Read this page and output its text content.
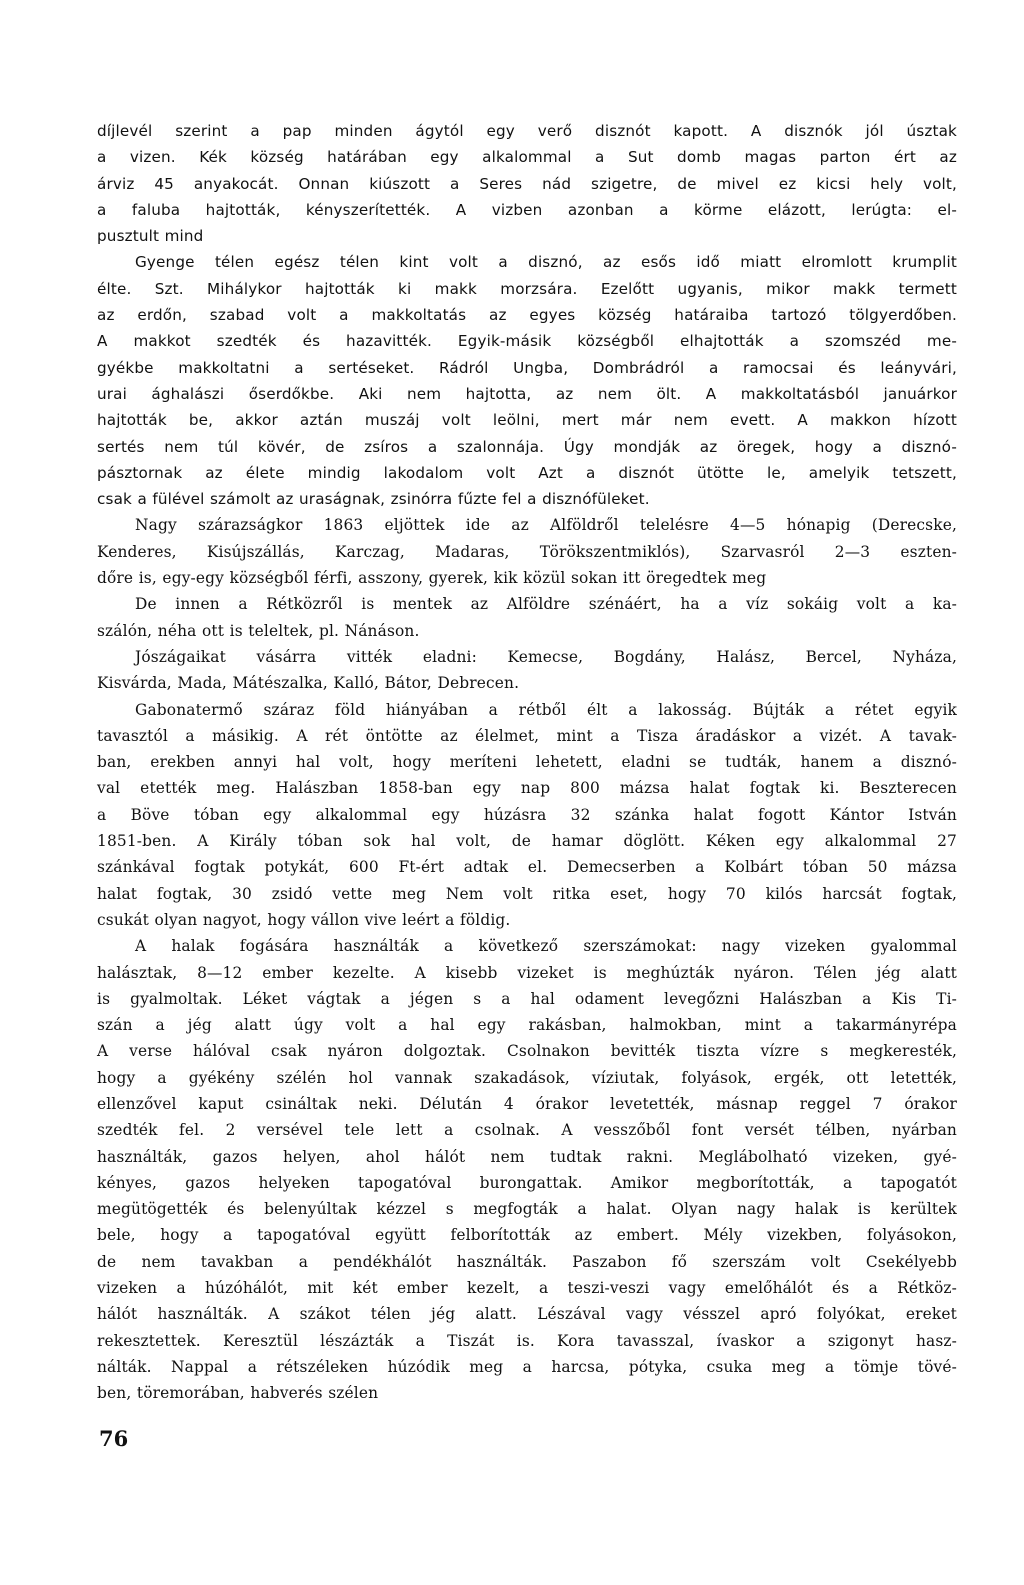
díjlevél szerint a pap minden ágytól egy verő disznót kapott. A disznók jól úsztak
a vizen. Kék község határában egy alkalommal a Sut domb magas parton ért az
árviz 45 anyakocát. Onnan kiúszott a Seres nád szigetre, de mivel ez kicsi hely volt,
a faluba hajtották, kényszerítették. A vizben azonban a körme elázott, lerúgta: el-
pusztult mind
Gyenge télen egész télen kint volt a disznó, az esős idő miatt elromlott krumplit
élte. Szt. Mihálykor hajtották ki makk morzsára. Ezelőtt ugyanis, mikor makk termett
az erdőn, szabad volt a makkoltatás az egyes község határaiba tartozó tölgyerdőben.
A makkot szedték és hazavitték. Egyik-másik községből elhajtották a szomszéd me-
gyékbe makkoltatni a sertéseket. Rádról Ungba, Dombrádról a ramocsai és leányvári,
urai ághalászi őserdőkbe. Aki nem hajtotta, az nem ölt. A makkoltatásból januárkor
hajtották be, akkor aztán muszáj volt leölni, mert már nem evett. A makkon hízott
sertés nem túl kövér, de zsíros a szalonnája. Úgy mondják az öregek, hogy a disznó-
pásztornak az élete mindig lakodalom volt Azt a disznót ütötte le, amelyik tetszett,
csak a fülével számolt az uraságnak, zsinórra fűzte fel a disznófüleket.
Nagy szárazságkor 1863 eljöttek ide az Alföldről telelésre 4—5 hónapig (Derecske,
Kenderes, Kisújszállás, Karczag, Madaras, Törökszentmiklós), Szarvasról 2—3 eszten-
dőre is, egy-egy községből férfi, asszony, gyerek, kik közül sokan itt öregedtek meg
De innen a Rétközről is mentek az Alföldre szénáért, ha a víz sokáig volt a ka-
szálón, néha ott is teleltek, pl. Nánáson.
Jószágaikat vásárra vitték eladni: Kemecse, Bogdány, Halász, Bercel, Nyháza,
Kisvárda, Mada, Mátészalka, Kalló, Bátor, Debrecen.
Gabonatermő száraz föld hiányában a rétből élt a lakosság. Bújták a rétet egyik
tavasztól a másikig. A rét öntötte az élelmet, mint a Tisza áradáskor a vizét. A tavak-
ban, erekben annyi hal volt, hogy meríteni lehetett, eladni se tudták, hanem a disznó-
val etették meg. Halászban 1858-ban egy nap 800 mázsa halat fogtak ki. Beszterecen
a Böve tóban egy alkalommal egy húzásra 32 szánka halat fogott Kántor István
1851-ben. A Király tóban sok hal volt, de hamar döglött. Kéken egy alkalommal 27
szánkával fogtak potykát, 600 Ft-ért adtak el. Demecserben a Kolbárt tóban 50 mázsa
halat fogtak, 30 zsidó vette meg Nem volt ritka eset, hogy 70 kilós harcsát fogtak,
csukát olyan nagyot, hogy vállon vive leért a földig.
A halak fogására használták a következő szerszámokat: nagy vizeken gyalommal
halásztak, 8—12 ember kezelte. A kisebb vizeket is meghúzták nyáron. Télen jég alatt
is gyalmoltak. Léket vágtak a jégen s a hal odament levegőzni Halászban a Kis Ti-
szán a jég alatt úgy volt a hal egy rakásban, halmokban, mint a takarmányrépa
A verse hálóval csak nyáron dolgoztak. Csolnakon bevitték tiszta vízre s megkeresték,
hogy a gyékény szélén hol vannak szakadások, víziutak, folyások, ergék, ott letették,
ellenzővel kaput csináltak neki. Délután 4 órakor levetették, másnap reggel 7 órakor
szedték fel. 2 versével tele lett a csolnak. A vesszőből font versét télben, nyárban
használták, gazos helyen, ahol hálót nem tudtak rakni. Meglábolható vizeken, gyé-
kényes, gazos helyeken tapogatóval burongattak. Amikor megborították, a tapogatót
megütögették és belenyúltak kézzel s megfogták a halat. Olyan nagy halak is kerültek
bele, hogy a tapogatóval együtt felborították az embert. Mély vizekben, folyásokon,
de nem tavakban a pendékhálót használták. Paszabon fő szerszám volt Csekélyebb
vizeken a húzóhálót, mit két ember kezelt, a teszi-veszi vagy emelőhálót és a Rétköz-
hálót használták. A szákot télen jég alatt. Lészával vagy vésszel apró folyókat, ereket
rekesztettek. Keresztül lészázták a Tiszát is. Kora tavasszal, ívaskor a szigonyt hasz-
nálták. Nappal a rétszéleken húzódik meg a harcsa, pótyka, csuka meg a tömje tövé-
ben, töremorában, habverés szélen
76
